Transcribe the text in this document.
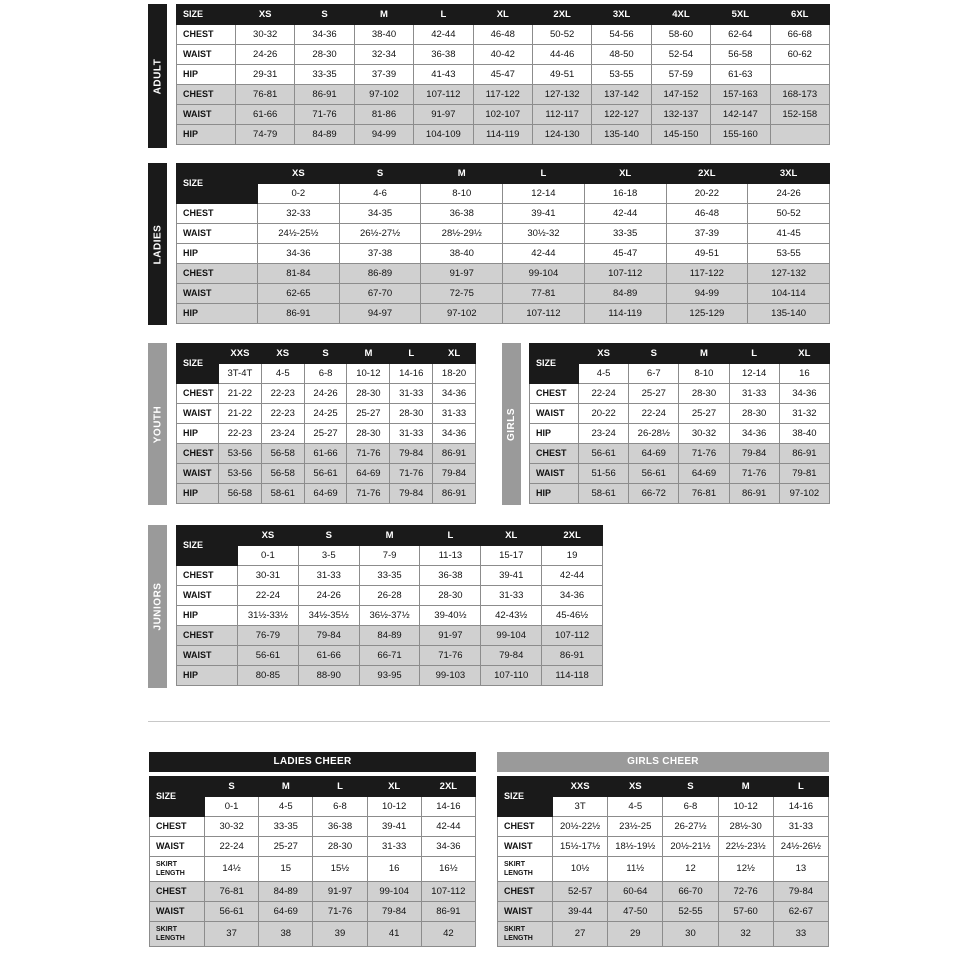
ADULT
SIZE	XS	S	M	L	XL	2XL	3XL	4XL	5XL	6XL
CHEST	30-32	34-36	38-40	42-44	46-48	50-52	54-56	58-60	62-64	66-68
WAIST	24-26	28-30	32-34	36-38	40-42	44-46	48-50	52-54	56-58	60-62
HIP	29-31	33-35	37-39	41-43	45-47	49-51	53-55	57-59	61-63	
CHEST	76-81	86-91	97-102	107-112	117-122	127-132	137-142	147-152	157-163	168-173
WAIST	61-66	71-76	81-86	91-97	102-107	112-117	122-127	132-137	142-147	152-158
HIP	74-79	84-89	94-99	104-109	114-119	124-130	135-140	145-150	155-160	
LADIES
SIZE	XS	S	M	L	XL	2XL	3XL
	0-2	4-6	8-10	12-14	16-18	20-22	24-26
CHEST	32-33	34-35	36-38	39-41	42-44	46-48	50-52
WAIST	24½-25½	26½-27½	28½-29½	30½-32	33-35	37-39	41-45
HIP	34-36	37-38	38-40	42-44	45-47	49-51	53-55
CHEST	81-84	86-89	91-97	99-104	107-112	117-122	127-132
WAIST	62-65	67-70	72-75	77-81	84-89	94-99	104-114
HIP	86-91	94-97	97-102	107-112	114-119	125-129	135-140
YOUTH
SIZE	XXS	XS	S	M	L	XL
	3T-4T	4-5	6-8	10-12	14-16	18-20
CHEST	21-22	22-23	24-26	28-30	31-33	34-36
WAIST	21-22	22-23	24-25	25-27	28-30	31-33
HIP	22-23	23-24	25-27	28-30	31-33	34-36
CHEST	53-56	56-58	61-66	71-76	79-84	86-91
WAIST	53-56	56-58	56-61	64-69	71-76	79-84
HIP	56-58	58-61	64-69	71-76	79-84	86-91
GIRLS
SIZE	XS	S	M	L	XL
	4-5	6-7	8-10	12-14	16
CHEST	22-24	25-27	28-30	31-33	34-36
WAIST	20-22	22-24	25-27	28-30	31-32
HIP	23-24	26-28½	30-32	34-36	38-40
CHEST	56-61	64-69	71-76	79-84	86-91
WAIST	51-56	56-61	64-69	71-76	79-81
HIP	58-61	66-72	76-81	86-91	97-102
JUNIORS
SIZE	XS	S	M	L	XL	2XL
	0-1	3-5	7-9	11-13	15-17	19
CHEST	30-31	31-33	33-35	36-38	39-41	42-44
WAIST	22-24	24-26	26-28	28-30	31-33	34-36
HIP	31½-33½	34½-35½	36½-37½	39-40½	42-43½	45-46½
CHEST	76-79	79-84	84-89	91-97	99-104	107-112
WAIST	56-61	61-66	66-71	71-76	79-84	86-91
HIP	80-85	88-90	93-95	99-103	107-110	114-118
LADIES CHEER
SIZE	S	M	L	XL	2XL
	0-1	4-5	6-8	10-12	14-16
CHEST	30-32	33-35	36-38	39-41	42-44
WAIST	22-24	25-27	28-30	31-33	34-36
SKIRT LENGTH	14½	15	15½	16	16½
CHEST	76-81	84-89	91-97	99-104	107-112
WAIST	56-61	64-69	71-76	79-84	86-91
SKIRT LENGTH	37	38	39	41	42
GIRLS CHEER
SIZE	XXS	XS	S	M	L
	3T	4-5	6-8	10-12	14-16
CHEST	20½-22½	23½-25	26-27½	28½-30	31-33
WAIST	15½-17½	18½-19½	20½-21½	22½-23½	24½-26½
SKIRT LENGTH	10½	11½	12	12½	13
CHEST	52-57	60-64	66-70	72-76	79-84
WAIST	39-44	47-50	52-55	57-60	62-67
SKIRT LENGTH	27	29	30	32	33
